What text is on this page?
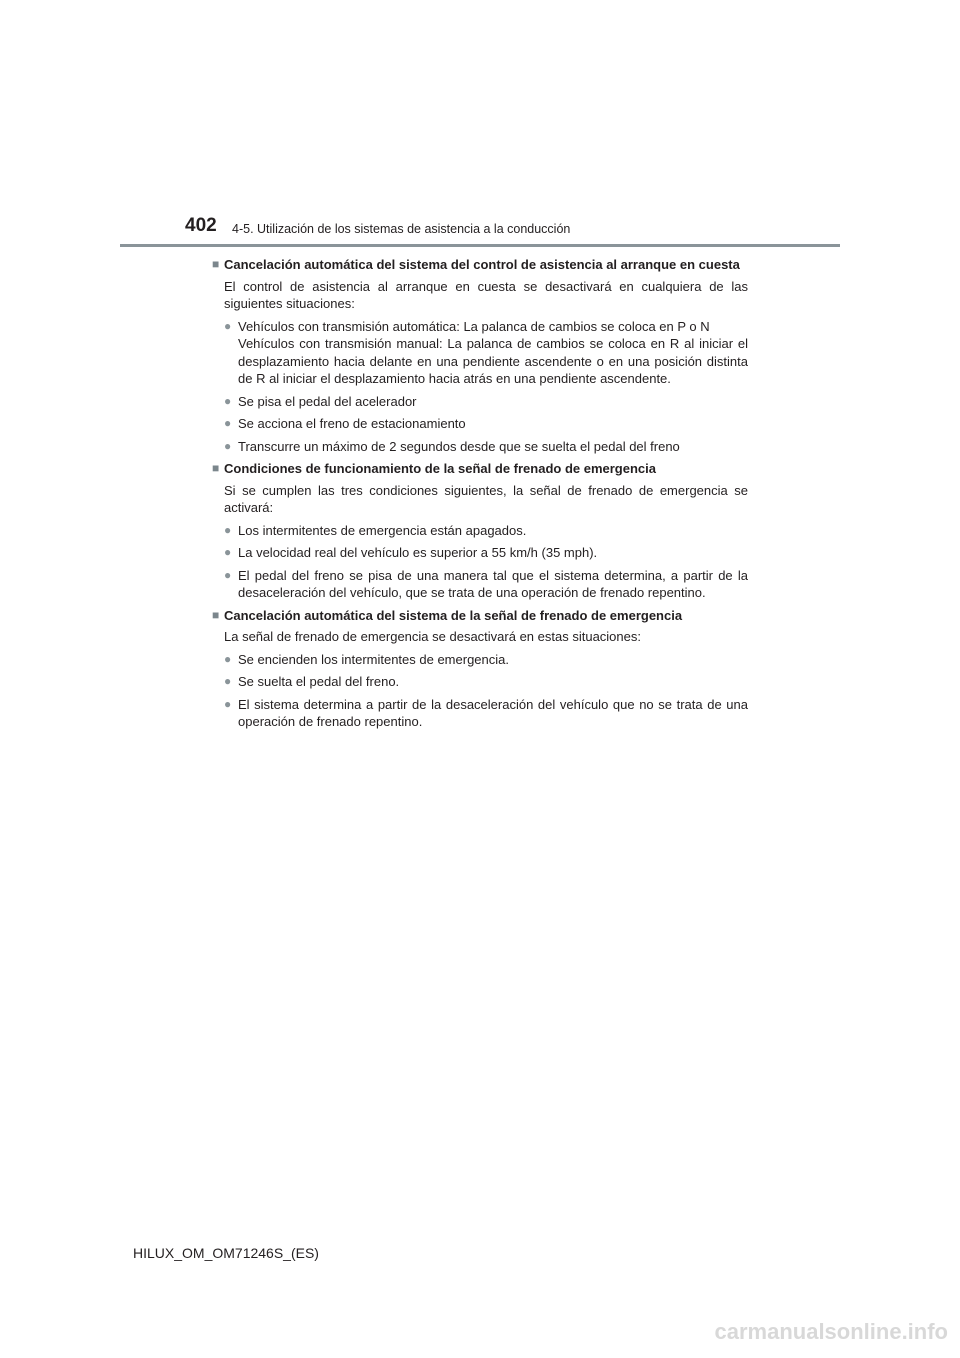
402 4-5. Utilización de los sistemas de asistencia a la conducción
■ Cancelación automática del sistema del control de asistencia al arranque en cuesta
El control de asistencia al arranque en cuesta se desactivará en cualquiera de las siguientes situaciones:
● Vehículos con transmisión automática: La palanca de cambios se coloca en P o N
Vehículos con transmisión manual: La palanca de cambios se coloca en R al iniciar el desplazamiento hacia delante en una pendiente ascendente o en una posición distinta de R al iniciar el desplazamiento hacia atrás en una pendiente ascendente.
● Se pisa el pedal del acelerador
● Se acciona el freno de estacionamiento
● Transcurre un máximo de 2 segundos desde que se suelta el pedal del freno
■ Condiciones de funcionamiento de la señal de frenado de emergencia
Si se cumplen las tres condiciones siguientes, la señal de frenado de emergencia se activará:
● Los intermitentes de emergencia están apagados.
● La velocidad real del vehículo es superior a 55 km/h (35 mph).
● El pedal del freno se pisa de una manera tal que el sistema determina, a partir de la desaceleración del vehículo, que se trata de una operación de frenado repentino.
■ Cancelación automática del sistema de la señal de frenado de emergencia
La señal de frenado de emergencia se desactivará en estas situaciones:
● Se encienden los intermitentes de emergencia.
● Se suelta el pedal del freno.
● El sistema determina a partir de la desaceleración del vehículo que no se trata de una operación de frenado repentino.
HILUX_OM_OM71246S_(ES)
carmanualsonline.info
